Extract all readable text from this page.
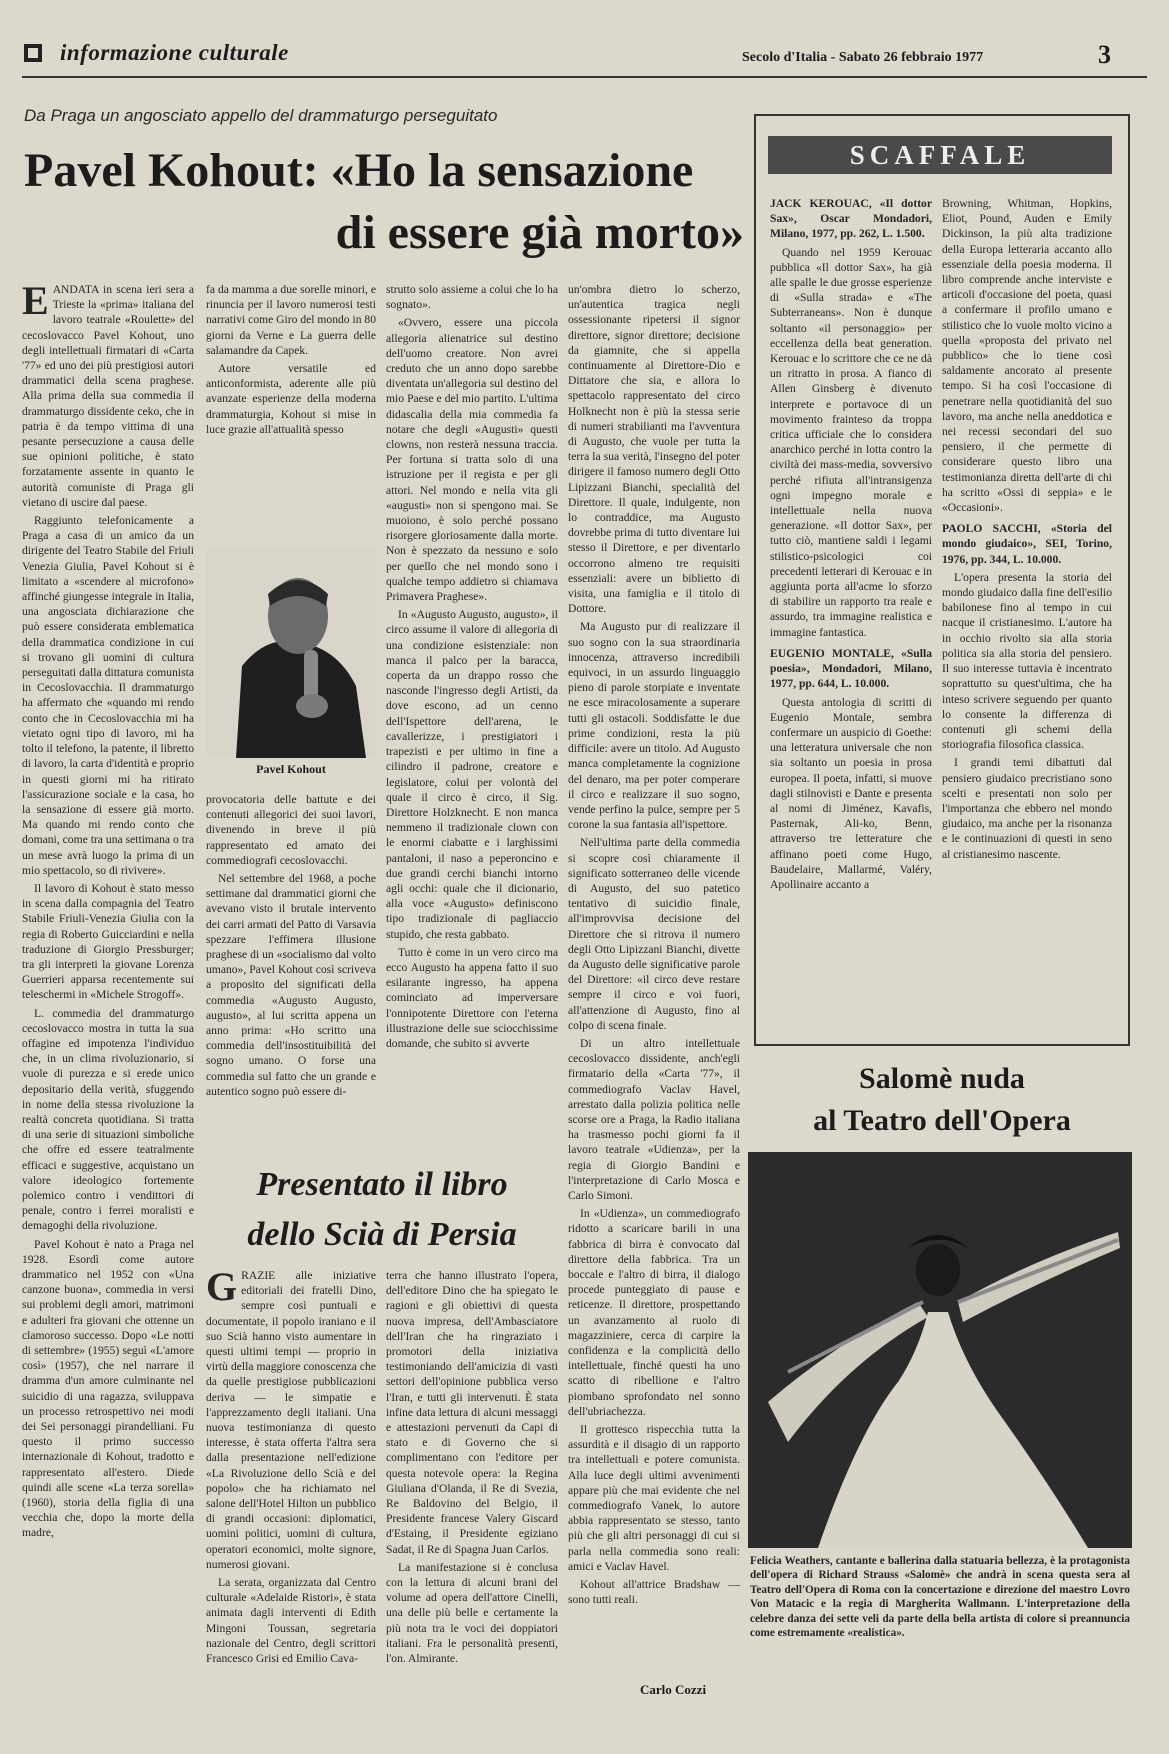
informazione culturale	Secolo d'Italia - Sabato 26 febbraio 1977	3
Da Praga un angosciato appello del drammaturgo perseguitato
Pavel Kohout: «Ho la sensazione
di essere già morto»

EANDATA in scena ieri sera a Trieste la «prima» italiana del lavoro teatrale «Roulette» del cecoslovacco Pavel Kohout, uno degli intellettuali firmatari di «Carta '77» ed uno dei più prestigiosi autori drammatici della scena praghese. Alla prima della sua commedia il drammaturgo dissidente ceko, che in patria è da tempo vittima di una pesante persecuzione a causa delle sue opinioni politiche, è stato forzatamente assente in quanto le autorità comuniste di Praga gli vietano di uscire dal paese.

Raggiunto telefonicamente a Praga a casa di un amico da un dirigente del Teatro Stabile del Friuli Venezia Giulia, Pavel Kohout si è limitato a «scendere al microfono» affinché giungesse integrale in Italia, una angosciata dichiarazione che può essere considerata emblematica della drammatica condizione in cui si trovano gli uomini di cultura perseguitati dalla dittatura comunista in Cecoslovacchia. Il drammaturgo ha affermato che «quando mi rendo conto che in Cecoslovacchia mi ha vietato ogni tipo di lavoro, mi ha tolto il telefono, la patente, il libretto di lavoro, la carta d'identità e proprio in questi giorni mi ha ritirato l'assicurazione sociale e la casa, ho la sensazione di essere già morto. Ma quando mi rendo conto che domani, come tra una settimana o tra un mese avrà luogo la prima di un mio spettacolo, so di rivivere».

Il lavoro di Kohout è stato messo in scena dalla compagnia del Teatro Stabile Friuli-Venezia Giulia con la regia di Roberto Guicciardini e nella traduzione di Giorgio Pressburger; tra gli interpreti la giovane Lorenza Guerrieri apparsa recentemente sui teleschermi in «Michele Strogoff».

L. commedia del drammaturgo cecoslovacco mostra in tutta la sua offagine ed impotenza l'individuo che, in un clima rivoluzionario, si vuole di purezza e si erede unico depositario della verità, sfuggendo in nome della stessa rivoluzione la realtà concreta quotidiana. Si tratta di una serie di situazioni simboliche che offre ed essere teatralmente efficaci e suggestive, acquistano un valore ideologico fortemente polemico contro i vendittori di penale, contro i ferrei moralisti e demagoghi della rivoluzione.

Pavel Kohout è nato a Praga nel 1928. Esordì come autore drammatico nel 1952 con «Una canzone buona», commedia in versi sui problemi degli amori, matrimoni e adulteri fra giovani che ottenne un clamoroso successo. Dopo «Le notti di settembre» (1955) seguì «L'amore così» (1957), che nel narrare il dramma d'un amore culminante nel suicidio di una ragazza, sviluppava un processo retrospettivo nei modi dei Sei personaggi pirandelliani. Fu questo il primo successo internazionale di Kohout, tradotto e rappresentato all'estero. Diede quindi alle scene «La terza sorella» (1960), storia della figlia di una vecchia che, dopo la morte della madre,

fa da mamma a due sorelle minori, e rinuncia per il lavoro numerosi testi narrativi come Giro del mondo in 80 giorni da Verne e La guerra delle salamandre da Capek.

Autore versatile ed anticonformista, aderente alle più avanzate esperienze della moderna drammaturgia, Kohout si mise in luce grazie all'attualità spesso

Pavel Kohout

provocatoria delle battute e dei contenuti allegorici dei suoi lavori, divenendo in breve il più rappresentato ed amato dei commediografi cecoslovacchi.

Nel settembre del 1968, a poche settimane dal drammatici giorni che avevano visto il brutale intervento dei carri armati del Patto di Varsavia spezzare l'effimera illusione praghese di un «socialismo dal volto umano», Pavel Kohout così scriveva a proposito del significati della commedia «Augusto Augusto, augusto», al lui scritta appena un anno prima: «Ho scritto una commedia dell'insostituibilità del sogno umano. O forse una commedia sul fatto che un grande e autentico sogno può essere di-

strutto solo assieme a colui che lo ha sognato».

«Ovvero, essere una piccola allegoria alienatrice sul destino dell'uomo creatore. Non avrei creduto che un anno dopo sarebbe diventata un'allegoria sul destino del mio Paese e del mio partito. L'ultima didascalia della mia commedia fa notare che degli «Augusti» questi clowns, non resterà nessuna traccia. Per fortuna si tratta solo di una istruzione per il regista e per gli attori. Nel mondo e nella vita gli «augusti» non si spengono mai. Se muoiono, è solo perché possano risorgere gloriosamente dalla morte. Non è spezzato da nessuno e solo per quello che nel mondo sono i qualche tempo addietro si chiamava Primavera Praghese».

In «Augusto Augusto, augusto», il circo assume il valore di allegoria di una condizione esistenziale: non manca il palco per la baracca, coperta da un drappo rosso che nasconde l'ingresso degli Artisti, da dove escono, ad un cenno dell'Ispettore dell'arena, le cavallerizze, i prestigiatori i trapezisti e per ultimo in fine a cilindro il padrone, creatore e legislatore, colui per volontà del quale il circo è circo, il Sig. Direttore Holzknecht. E non manca nemmeno il tradizionale clown con le enormi ciabatte e i larghissimi pantaloni, il naso a peperoncino e due grandi cerchi bianchi intorno agli occhi: quale che il dicionario, alla voce «Augusto» definiscono tipo tradizionale di pagliaccio stupido, che resta gabbato.

Tutto è come in un vero circo ma ecco Augusto ha appena fatto il suo esilarante ingresso, ha appena cominciato ad imperversare l'onnipotente Direttore con l'eterna illustrazione delle sue sciocchissime domande, che subito si avverte

un'ombra dietro lo scherzo, un'autentica tragica negli ossessionante ripetersi il signor direttore, signor direttore; decisione da giamnite, che si appella continuamente al Direttore-Dio e Dittatore che sia, e allora lo spettacolo rappresentato del circo Holknecht non è più la stessa serie di numeri strabilianti ma l'avventura di Augusto, che vuole per tutta la terra la sua verità, l'insegno del poter dirigere il famoso numero degli Otto Lipizzani Bianchi, specialità del Direttore. Il quale, indulgente, non lo contraddice, ma Augusto dovrebbe prima di tutto diventare lui stesso il Direttore, e per diventarlo occorrono almeno tre requisiti essenziali: avere un biblietto di visita, una famiglia e il titolo di Dottore.

Ma Augusto pur di realizzare il suo sogno con la sua straordinaria innocenza, attraverso incredibili equivoci, in un assurdo linguaggio pieno di parole storpiate e inventate ne esce miracolosamente a superare tutti gli ostacoli. Soddisfatte le due prime condizioni, resta la più difficile: avere un titolo. Ad Augusto manca completamente la cognizione del denaro, ma per poter comperare il circo e realizzare il suo sogno, vende perfino la pulce, sempre per 5 corone la sua fantasia all'ispettore.

Nell'ultima parte della commedia si scopre così chiaramente il significato sotterraneo delle vicende di Augusto, del suo patetico tentativo di suicidio finale, all'improvvisa decisione del Direttore che si ritrova il numero degli Otto Lipizzani Bianchi, divette da Augusto delle significative parole del Direttore: «il circo deve restare sempre il circo e voi fuori, all'attenzione di Augusto, fino al colpo di scena finale.

Di un altro intellettuale cecoslovacco dissidente, anch'egli firmatario della «Carta '77», il commediografo Vaclav Havel, arrestato dalla polizia politica nelle scorse ore a Praga, la Radio italiana ha trasmesso pochi giorni fa il lavoro teatrale «Udienza», per la regia di Giorgio Bandini e l'interpretazione di Carlo Mosca e Carlo Simoni.

In «Udienza», un commediografo ridotto a scaricare barili in una fabbrica di birra è convocato dal direttore della fabbrica. Tra un boccale e l'altro di birra, il dialogo procede punteggiato di pause e reticenze. Il direttore, prospettando un avanzamento al ruolo di magazziniere, cerca di carpire la confidenza e la complicità dello intellettuale, finché questi ha uno scatto di ribellione e l'altro piombano sprofondato nel sonno dell'ubriachezza.

Il grottesco rispecchia tutta la assurdità e il disagio di un rapporto tra intellettuali e potere comunista. Alla luce degli ultimi avvenimenti appare più che mai evidente che nel commediografo Vanek, lo autore abbia rappresentato se stesso, tanto più che gli altri personaggi di cui si parla nella commedia sono reali: amici e Vaclav Havel.

Kohout all'attrice Bradshaw — sono tutti reali.

Carlo Cozzi
Presentato il libro
dello Scià di Persia

GRAZIE alle iniziative editoriali dei fratelli Dino, sempre così puntuali e documentate, il popolo iraniano e il suo Scià hanno visto aumentare in questi ultimi tempi — proprio in virtù della maggiore conoscenza che da quelle prestigiose pubblicazioni deriva — le simpatie e l'apprezzamento degli italiani. Una nuova testimonianza di questo interesse, è stata offerta l'altra sera dalla presentazione nell'edizione «La Rivoluzione dello Scià e del popolo» che ha richiamato nel salone dell'Hotel Hilton un pubblico di grandi occasioni: diplomatici, uomini politici, uomini di cultura, operatori economici, molte signore, numerosi giovani.

La serata, organizzata dal Centro culturale «Adelaide Ristori», è stata animata dagli interventi di Edith Mingoni Toussan, segretaria nazionale del Centro, degli scrittori Francesco Grisi ed Emilio Cava-

terra che hanno illustrato l'opera, dell'editore Dino che ha spiegato le ragioni e gli obiettivi di questa nuova impresa, dell'Ambasciatore dell'Iran che ha ringraziato i promotori della iniziativa testimoniando dell'amicizia di vasti settori dell'opinione pubblica verso l'Iran, e tutti gli intervenuti. È stata infine data lettura di alcuni messaggi e attestazioni pervenuti da Capi di stato e di Governo che si complimentano con l'editore per questa notevole opera: la Regina Giuliana d'Olanda, il Re di Svezia, Re Baldovino del Belgio, il Presidente francese Valery Giscard d'Estaing, il Presidente egiziano Sadat, il Re di Spagna Juan Carlos.

La manifestazione si è conclusa con la lettura di alcuni brani del volume ad opera dell'attore Cinelli, una delle più belle e certamente la più nota tra le voci dei doppiatori italiani. Fra le personalità presenti, l'on. Almirante.

SCAFFALE

JACK KEROUAC, «Il dottor Sax», Oscar Mondadori, Milano, 1977, pp. 262, L. 1.500.

Quando nel 1959 Kerouac pubblica «Il dottor Sax», ha già alle spalle le due grosse esperienze di «Sulla strada» e «The Subterraneans». Non è dunque soltanto «il personaggio» per eccellenza della beat generation. Kerouac e lo scrittore che ce ne dà un ritratto in prosa. A fianco di Allen Ginsberg è divenuto interprete e portavoce di un movimento frainteso da troppa critica ufficiale che lo considera anarchico perché in lotta contro la civiltà dei mass-media, sovversivo perché rifiuta all'intransigenza ogni impegno morale e intellettuale nella nuova generazione. «Il dottor Sax», per tutto ciò, mantiene saldi i legami stilistico-psicologici coi precedenti letterari di Kerouac e in aggiunta porta all'acme lo sforzo di stabilire un rapporto tra reale e assurdo, tra immagine realistica e immagine fantastica.

EUGENIO MONTALE, «Sulla poesia», Mondadori, Milano, 1977, pp. 644, L. 10.000.

Questa antologia di scritti di Eugenio Montale, sembra confermare un auspicio di Goethe: una letteratura universale che non sia soltanto un poesia in prosa europea. Il poeta, infatti, si muove dagli stilnovisti e Dante e presenta al nomi di Jiménez, Kavafis, Pasternak, Ali-ko, Benn, attraverso tre letterature che affinano poeti come Hugo, Baudelaire, Mallarmé, Valéry, Apollinaire accanto a

Browning, Whitman, Hopkins, Eliot, Pound, Auden e Emily Dickinson, la più alta tradizione della Europa letteraria accanto allo essenziale della poesia moderna. Il libro comprende anche interviste e articoli d'occasione del poeta, quasi a confermare il profilo umano e stilistico che lo vuole molto vicino a quella «proposta del privato nel pubblico» che lo tiene così saldamente ancorato al presente tempo. Si ha così l'occasione di penetrare nella quotidianità del suo lavoro, ma anche nella aneddotica e nei recessi secondari del suo pensiero, il che permette di considerare questo libro una testimonianza diretta dell'arte di chi ha scritto «Ossi di seppia» e le «Occasioni».

PAOLO SACCHI, «Storia del mondo giudaico», SEI, Torino, 1976, pp. 344, L. 10.000.

L'opera presenta la storia del mondo giudaico dalla fine dell'esilio babilonese fino al tempo in cui nacque il cristianesimo. L'autore ha in occhio rivolto sia alla storia politica sia alla storia del pensiero. Il suo interesse tuttavia è incentrato soprattutto su quest'ultima, che ha inteso scrivere seguendo per quanto lo consente la differenza di contenuti gli schemi della storiografia filosofica classica.

I grandi temi dibattuti dal pensiero giudaico precristiano sono scelti e presentati non solo per l'importanza che ebbero nel mondo giudaico, ma anche per la risonanza e le continuazioni di questi in seno al cristianesimo nascente.

Salomè nuda
al Teatro dell'Opera
Felicia Weathers, cantante e ballerina dalla statuaria bellezza, è la protagonista dell'opera di Richard Strauss «Salomè» che andrà in scena questa sera al Teatro dell'Opera di Roma con la concertazione e direzione del maestro Lovro Von Matacic e la regia di Margherita Wallmann. L'interpretazione della celebre danza dei sette veli da parte della bella artista di colore si preannuncia come estremamente «realistica».
